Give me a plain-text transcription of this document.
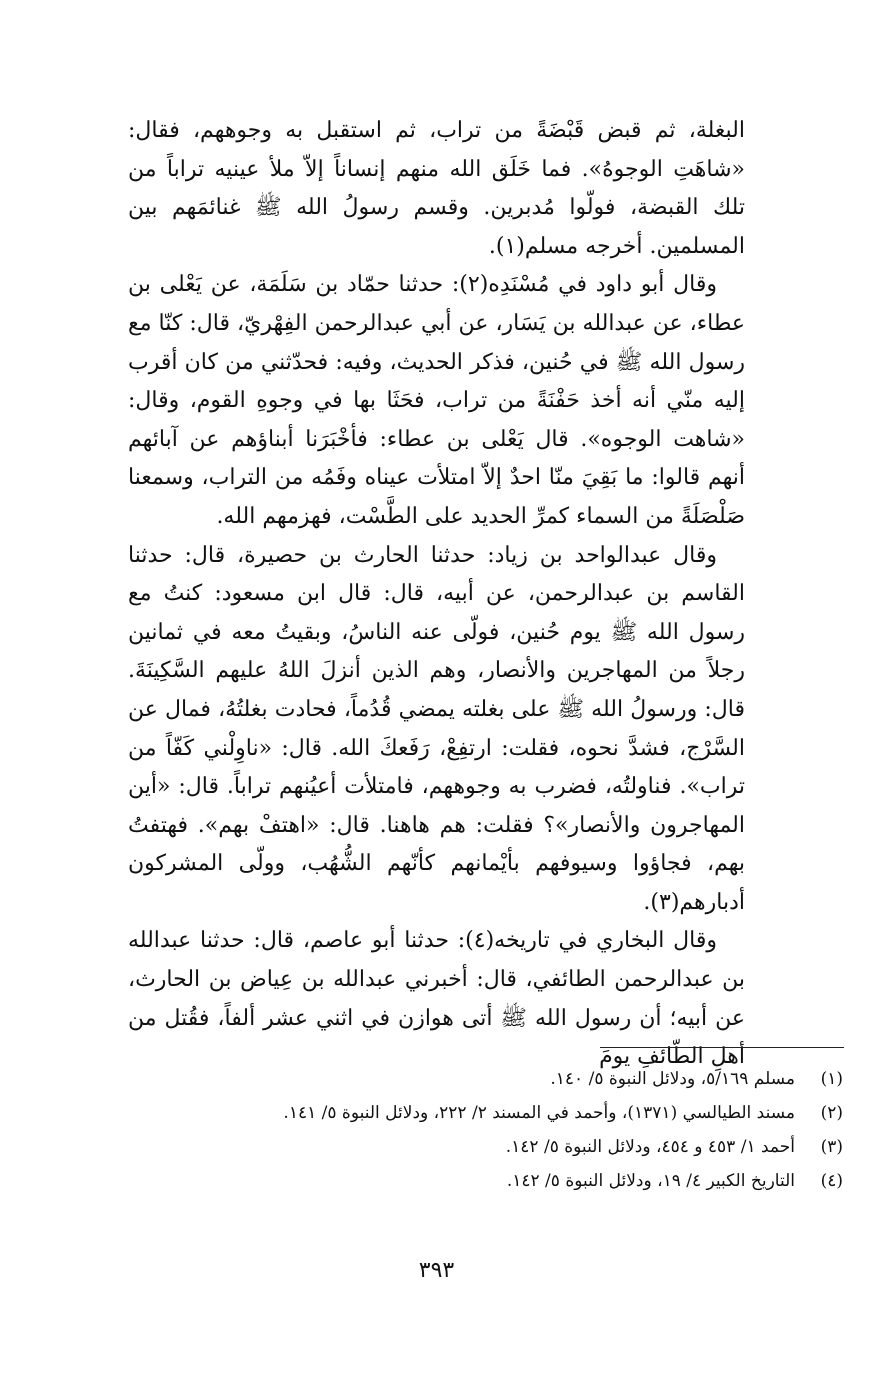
البغلة، ثم قبض قَبْضَةً من تراب، ثم استقبل به وجوههم، فقال: «شاهَتِ الوجوهُ». فما خَلَق الله منهم إنساناً إلاّ ملأ عينيه تراباً من تلك القبضة، فولّوا مُدبرين. وقسم رسولُ الله ﷺ غنائمَهم بين المسلمين. أخرجه مسلم(١).

وقال أبو داود في مُسْنَدِه(٢): حدثنا حمّاد بن سَلَمَة، عن يَعْلى بن عطاء، عن عبدالله بن يَسَار، عن أبي عبدالرحمن الفِهْريّ، قال: كنّا مع رسول الله ﷺ في حُنين، فذكر الحديث، وفيه: فحدّثني من كان أقرب إليه منّي أنه أخذ حَفْنَةً من تراب، فحَثَا بها في وجوهِ القوم، وقال: «شاهت الوجوه». قال يَعْلى بن عطاء: فأخْبَرَنا أبناؤهم عن آبائهم أنهم قالوا: ما بَقِيَ منّا احدٌ إلاّ امتلأت عيناه وفَمُه من التراب، وسمعنا صَلْصَلَةً من السماء كمرِّ الحديد على الطَّسْت، فهزمهم الله.

وقال عبدالواحد بن زياد: حدثنا الحارث بن حصيرة، قال: حدثنا القاسم بن عبدالرحمن، عن أبيه، قال: قال ابن مسعود: كنتُ مع رسول الله ﷺ يوم حُنين، فولّى عنه الناسُ، وبقيتُ معه في ثمانين رجلاً من المهاجرين والأنصار، وهم الذين أنزلَ اللهُ عليهم السَّكِينَةَ. قال: ورسولُ الله ﷺ على بغلته يمضي قُدُماً، فحادت بغلتُهُ، فمال عن السَّرْج، فشدَّ نحوه، فقلت: ارتفِعْ، رَفَعكَ الله. قال: «ناوِلْني كَفّاً من تراب». فناولتُه، فضرب به وجوههم، فامتلأت أعيُنهم تراباً. قال: «أين المهاجرون والأنصار»؟ فقلت: هم هاهنا. قال: «اهتفْ بهم». فهتفتُ بهم، فجاؤوا وسيوفهم بأيْمانهم كأنّهم الشُّهُب، وولّى المشركون أدبارهم(٣).

وقال البخاري في تاريخه(٤): حدثنا أبو عاصم، قال: حدثنا عبدالله بن عبدالرحمن الطائفي، قال: أخبرني عبدالله بن عِياض بن الحارث، عن أبيه؛ أن رسول الله ﷺ أتى هوازن في اثني عشر ألفاً، فقُتل من أهلِ الطّائفِ يومَ

(١)
مسلم ٥/١٦٩، ودلائل النبوة ٥/ ١٤٠.
(٢)
مسند الطيالسي (١٣٧١)، وأحمد في المسند ٢/ ٢٢٢، ودلائل النبوة ٥/ ١٤١.
(٣)
أحمد ١/ ٤٥٣ و ٤٥٤، ودلائل النبوة ٥/ ١٤٢.
(٤)
التاريخ الكبير ٤/ ١٩، ودلائل النبوة ٥/ ١٤٢.
٣٩٣
